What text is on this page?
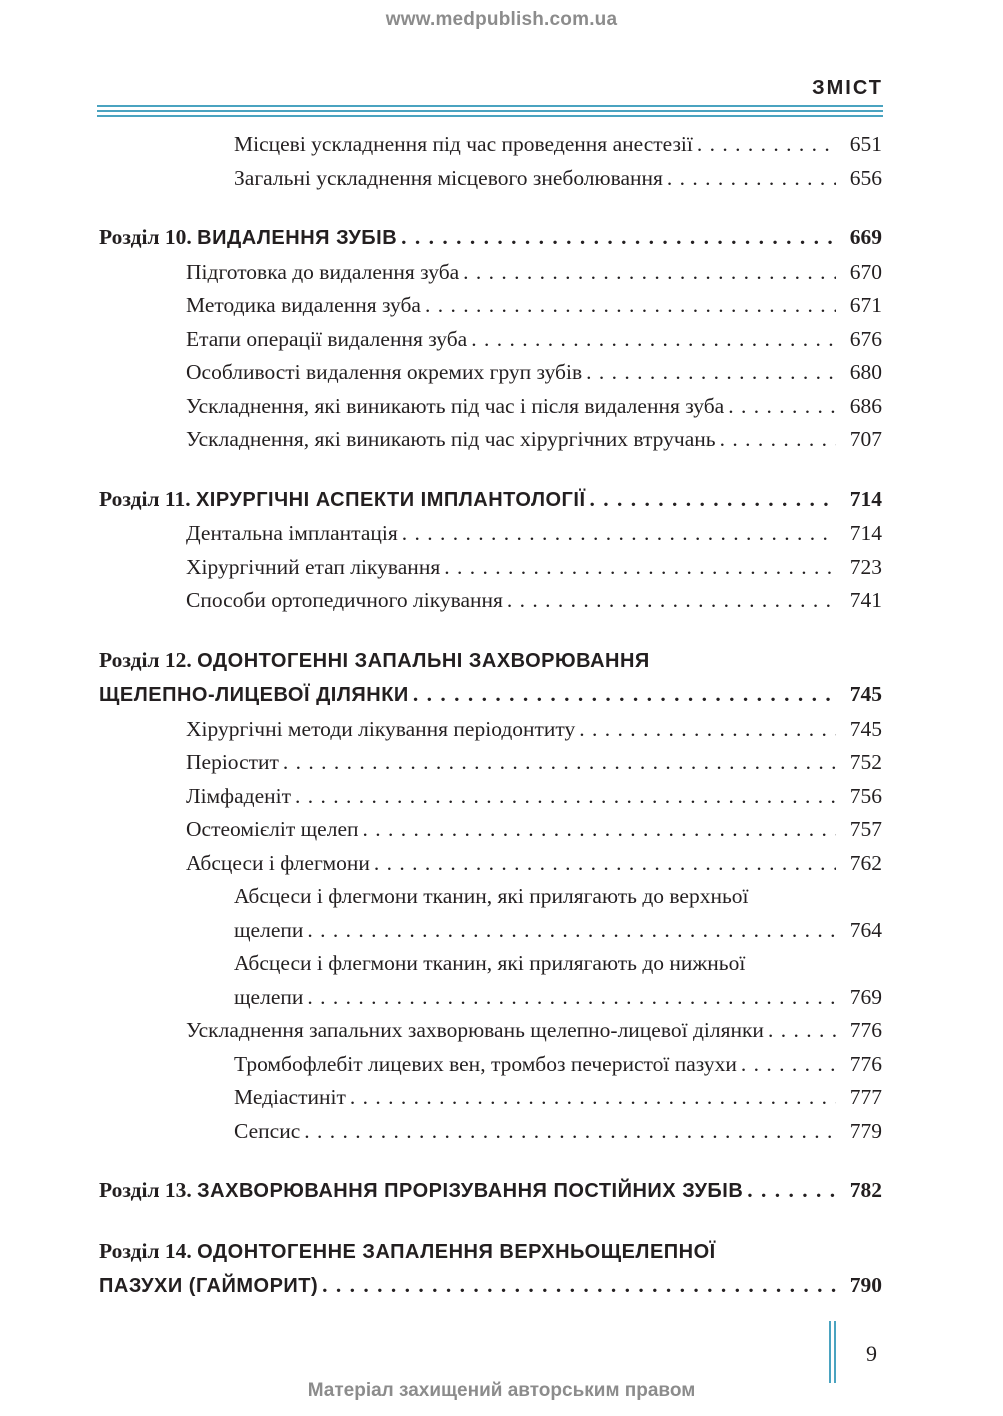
www.medpublish.com.ua
ЗМІСТ
Місцеві ускладнення під час проведення анестезії . . .	651
Загальні ускладнення місцевого знеболювання . . .	656
Розділ 10. ВИДАЛЕННЯ ЗУБІВ . . .	669
Підготовка до видалення зуба . . .	670
Методика видалення зуба . . .	671
Етапи операції видалення зуба . . .	676
Особливості видалення окремих груп зубів . . .	680
Ускладнення, які виникають під час і після видалення зуба . . .	686
Ускладнення, які виникають під час хірургічних втручань . . .	707
Розділ 11. ХІРУРГІЧНІ АСПЕКТИ ІМПЛАНТОЛОГІЇ . . .	714
Дентальна імплантація . . .	714
Хірургічний етап лікування . . .	723
Способи ортопедичного лікування . . .	741
Розділ 12. ОДОНТОГЕННІ ЗАПАЛЬНІ ЗАХВОРЮВАННЯ
ЩЕЛЕПНО-ЛИЦЕВОЇ ДІЛЯНКИ . . .	745
Хірургічні методи лікування періодонтиту . . .	745
Періостит . . .	752
Лімфаденіт . . .	756
Остеомієліт щелеп . . .	757
Абсцеси і флегмони . . .	762
Абсцеси і флегмони тканин, які прилягають до верхньої
щелепи . . .	764
Абсцеси і флегмони тканин, які прилягають до нижньої
щелепи . . .	769
Ускладнення запальних захворювань щелепно-лицевої ділянки . . .	776
Тромбофлебіт лицевих вен, тромбоз печеристої пазухи . . .	776
Медіастиніт . . .	777
Сепсис . . .	779
Розділ 13. ЗАХВОРЮВАННЯ ПРОРІЗУВАННЯ ПОСТІЙНИХ ЗУБІВ . . .	782
Розділ 14. ОДОНТОГЕННЕ ЗАПАЛЕННЯ ВЕРХНЬОЩЕЛЕПНОЇ
ПАЗУХИ (ГАЙМОРИТ) . . .	790
9
Матеріал захищений авторським правом
